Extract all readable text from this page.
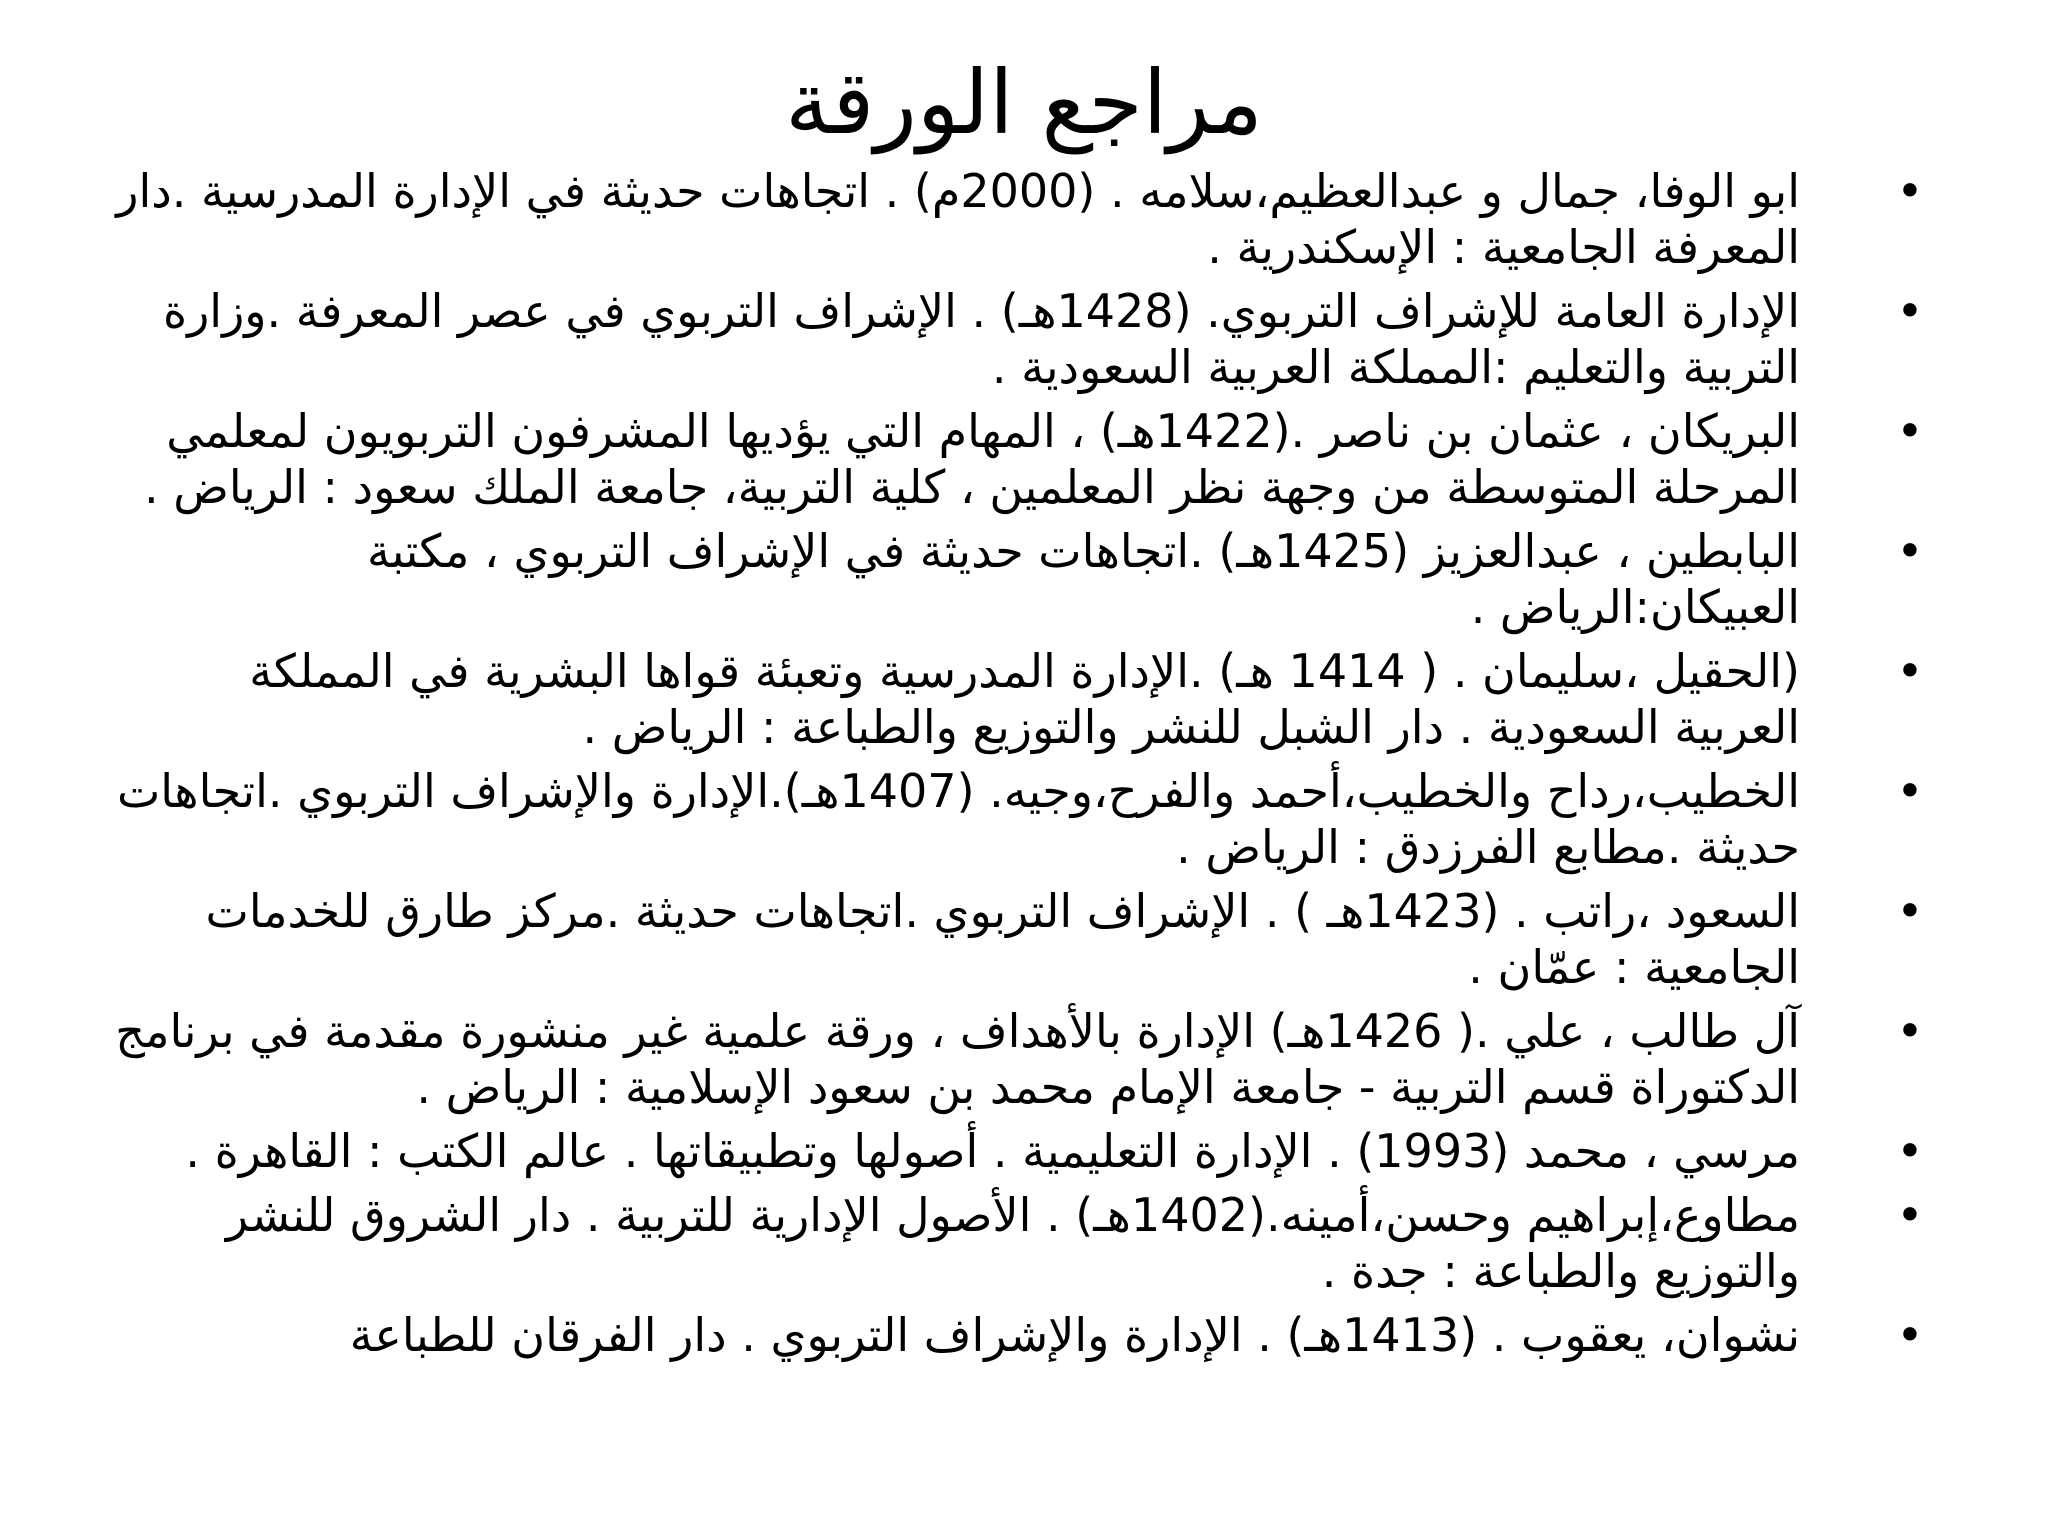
مراجع الورقة
•
ابو الوفا، جمال و عبدالعظيم،سلامه . (2000م) . اتجاهات حديثة في الإدارة المدرسية .دار المعرفة الجامعية : الإسكندرية .
•
الإدارة العامة للإشراف التربوي. (1428هـ) . الإشراف التربوي في عصر المعرفة .وزارة التربية والتعليم :المملكة العربية السعودية .
•
البريكان ، عثمان بن ناصر .(1422هـ) ، المهام التي يؤديها المشرفون التربويون لمعلمي المرحلة المتوسطة من وجهة نظر المعلمين ، كلية التربية، جامعة الملك سعود : الرياض .
•
البابطين ، عبدالعزيز (1425هـ) .اتجاهات حديثة في الإشراف التربوي ، مكتبة العبيكان:الرياض .
•
(الحقيل ،سليمان . ( 1414 هـ) .الإدارة المدرسية وتعبئة قواها البشرية في المملكة العربية السعودية . دار الشبل للنشر والتوزيع والطباعة : الرياض .
•
الخطيب،رداح والخطيب،أحمد والفرح،وجيه. (1407هـ).الإدارة والإشراف التربوي .اتجاهات حديثة .مطابع الفرزدق : الرياض .
•
السعود ،راتب . (1423هـ ) . الإشراف التربوي .اتجاهات حديثة .مركز طارق للخدمات الجامعية : عمّان .
•
آل طالب ، علي .( 1426هـ) الإدارة بالأهداف ، ورقة علمية غير منشورة مقدمة في برنامج الدكتوراة قسم التربية - جامعة الإمام محمد بن سعود الإسلامية : الرياض .
•
مرسي ، محمد (1993) . الإدارة التعليمية . أصولها وتطبيقاتها . عالم الكتب : القاهرة .
•
مطاوع،إبراهيم وحسن،أمينه.(1402هـ) . الأصول الإدارية للتربية . دار الشروق للنشر والتوزيع والطباعة : جدة .
•
نشوان، يعقوب . (1413هـ) . الإدارة والإشراف التربوي . دار الفرقان للطباعة
